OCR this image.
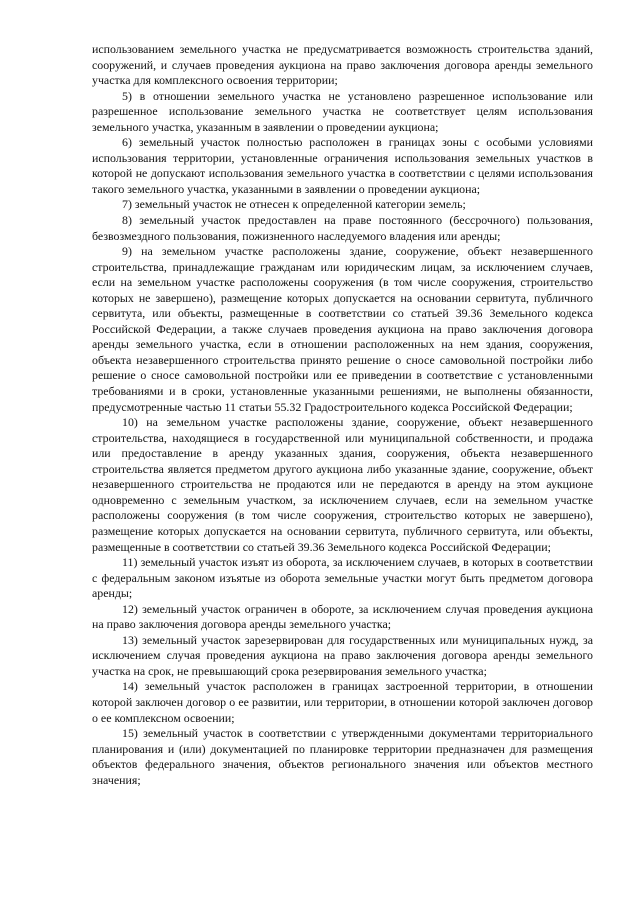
использованием земельного участка не предусматривается возможность строительства зданий, сооружений, и случаев проведения аукциона на право заключения договора аренды земельного участка для комплексного освоения территории;

5) в отношении земельного участка не установлено разрешенное использование или разрешенное использование земельного участка не соответствует целям использования земельного участка, указанным в заявлении о проведении аукциона;

6) земельный участок полностью расположен в границах зоны с особыми условиями использования территории, установленные ограничения использования земельных участков в которой не допускают использования земельного участка в соответствии с целями использования такого земельного участка, указанными в заявлении о проведении аукциона;

7) земельный участок не отнесен к определенной категории земель;

8) земельный участок предоставлен на праве постоянного (бессрочного) пользования, безвозмездного пользования, пожизненного наследуемого владения или аренды;

9) на земельном участке расположены здание, сооружение, объект незавершенного строительства, принадлежащие гражданам или юридическим лицам, за исключением случаев, если на земельном участке расположены сооружения (в том числе сооружения, строительство которых не завершено), размещение которых допускается на основании сервитута, публичного сервитута, или объекты, размещенные в соответствии со статьей 39.36 Земельного кодекса Российской Федерации, а также случаев проведения аукциона на право заключения договора аренды земельного участка, если в отношении расположенных на нем здания, сооружения, объекта незавершенного строительства принято решение о сносе самовольной постройки либо решение о сносе самовольной постройки или ее приведении в соответствие с установленными требованиями и в сроки, установленные указанными решениями, не выполнены обязанности, предусмотренные частью 11 статьи 55.32 Градостроительного кодекса Российской Федерации;

10) на земельном участке расположены здание, сооружение, объект незавершенного строительства, находящиеся в государственной или муниципальной собственности, и продажа или предоставление в аренду указанных здания, сооружения, объекта незавершенного строительства является предметом другого аукциона либо указанные здание, сооружение, объект незавершенного строительства не продаются или не передаются в аренду на этом аукционе одновременно с земельным участком, за исключением случаев, если на земельном участке расположены сооружения (в том числе сооружения, строительство которых не завершено), размещение которых допускается на основании сервитута, публичного сервитута, или объекты, размещенные в соответствии со статьей 39.36 Земельного кодекса Российской Федерации;

11) земельный участок изъят из оборота, за исключением случаев, в которых в соответствии с федеральным законом изъятые из оборота земельные участки могут быть предметом договора аренды;

12) земельный участок ограничен в обороте, за исключением случая проведения аукциона на право заключения договора аренды земельного участка;

13) земельный участок зарезервирован для государственных или муниципальных нужд, за исключением случая проведения аукциона на право заключения договора аренды земельного участка на срок, не превышающий срока резервирования земельного участка;

14) земельный участок расположен в границах застроенной территории, в отношении которой заключен договор о ее развитии, или территории, в отношении которой заключен договор о ее комплексном освоении;

15) земельный участок в соответствии с утвержденными документами территориального планирования и (или) документацией по планировке территории предназначен для размещения объектов федерального значения, объектов регионального значения или объектов местного значения;
